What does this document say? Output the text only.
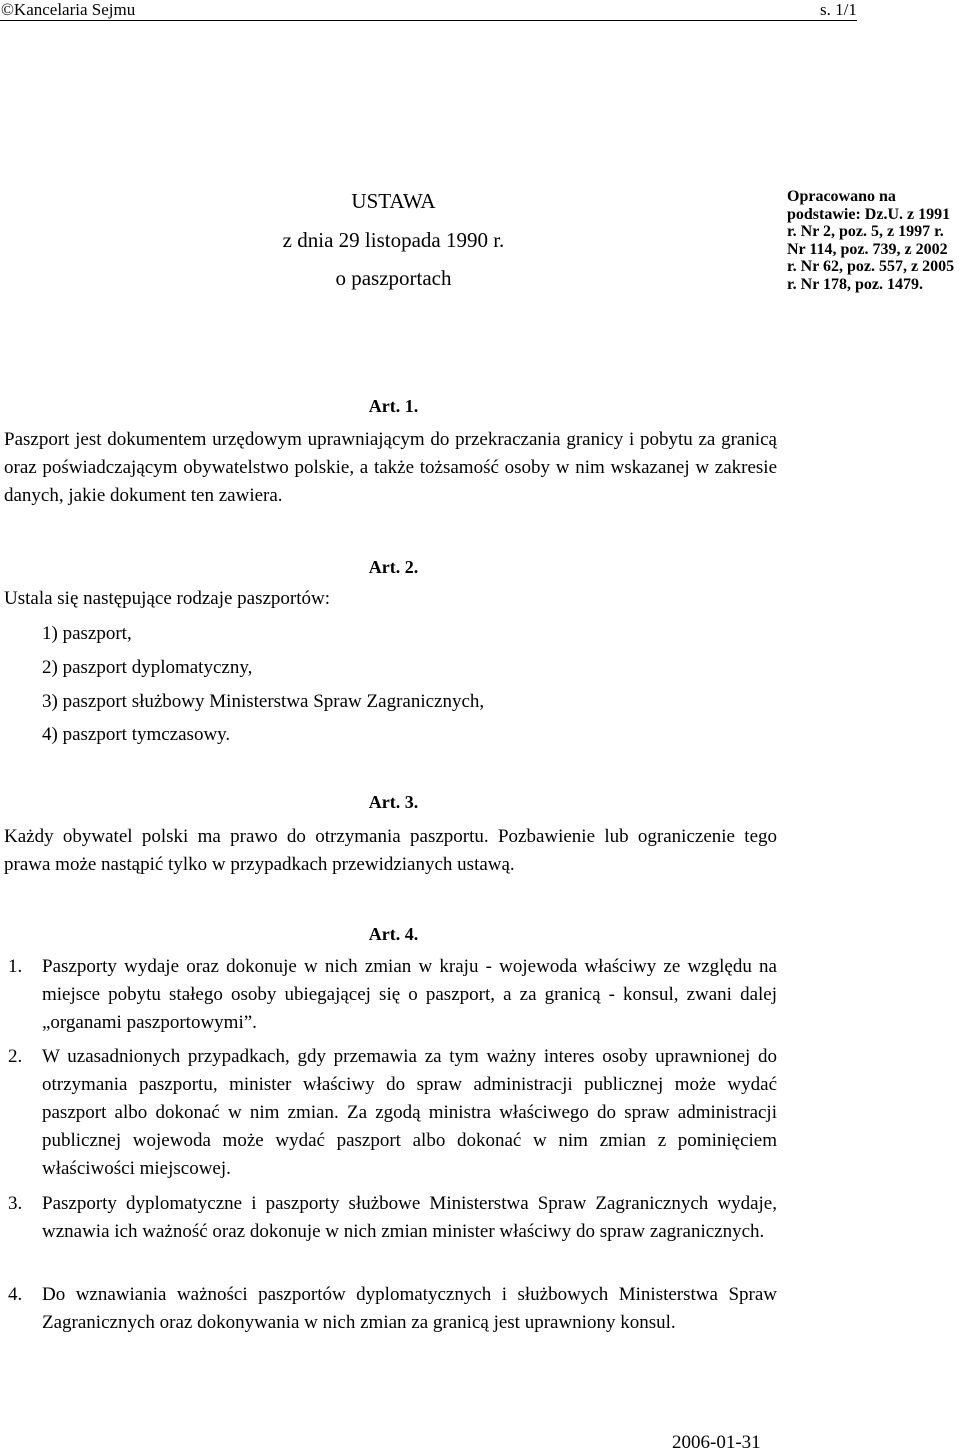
©Kancelaria Sejmu	s. 1/1
USTAWA
z dnia 29 listopada 1990 r.
o paszportach
Opracowano na podstawie: Dz.U. z 1991 r. Nr 2, poz. 5, z 1997 r. Nr 114, poz. 739, z 2002 r. Nr 62, poz. 557, z 2005 r. Nr 178, poz. 1479.
Art. 1.
Paszport jest dokumentem urzędowym uprawniającym do przekraczania granicy i pobytu za granicą oraz poświadczającym obywatelstwo polskie, a także tożsamość osoby w nim wskazanej w zakresie danych, jakie dokument ten zawiera.
Art. 2.
Ustala się następujące rodzaje paszportów:
1) paszport,
2) paszport dyplomatyczny,
3) paszport służbowy Ministerstwa Spraw Zagranicznych,
4) paszport tymczasowy.
Art. 3.
Każdy obywatel polski ma prawo do otrzymania paszportu. Pozbawienie lub ograniczenie tego prawa może nastąpić tylko w przypadkach przewidzianych ustawą.
Art. 4.
1. Paszporty wydaje oraz dokonuje w nich zmian w kraju - wojewoda właściwy ze względu na miejsce pobytu stałego osoby ubiegającej się o paszport, a za granicą - konsul, zwani dalej „organami paszportowymi”.
2. W uzasadnionych przypadkach, gdy przemawia za tym ważny interes osoby uprawnionej do otrzymania paszportu, minister właściwy do spraw administracji publicznej może wydać paszport albo dokonać w nim zmian. Za zgodą ministra właściwego do spraw administracji publicznej wojewoda może wydać paszport albo dokonać w nim zmian z pominięciem właściwości miejscowej.
3. Paszporty dyplomatyczne i paszporty służbowe Ministerstwa Spraw Zagranicznych wydaje, wznawia ich ważność oraz dokonuje w nich zmian minister właściwy do spraw zagranicznych.
4. Do wznawiania ważności paszportów dyplomatycznych i służbowych Ministerstwa Spraw Zagranicznych oraz dokonywania w nich zmian za granicą jest uprawniony konsul.
2006-01-31
